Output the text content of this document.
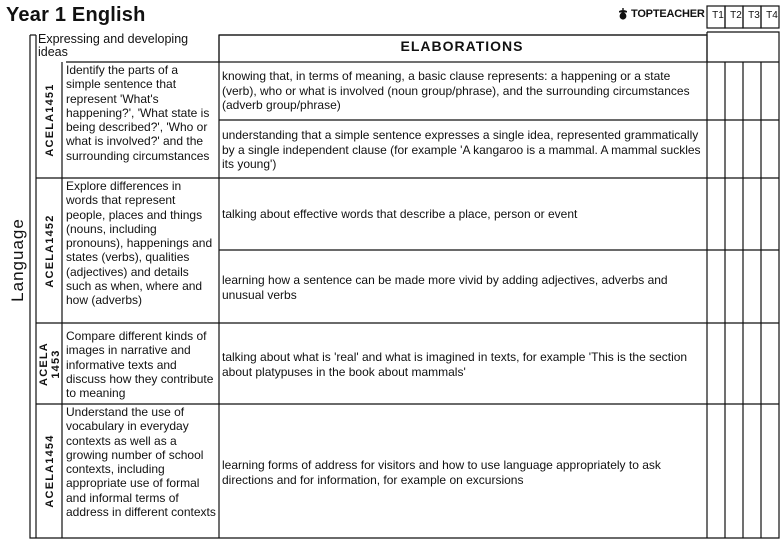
Year 1 English	TOPTEACHER T1 T2 T3 T4
Language
Expressing and developing ideas	ELABORATIONS
ACELA1451
Identify the parts of a simple sentence that represent 'What's happening?', 'What state is being described?', 'Who or what is involved?' and the surrounding circumstances
knowing that, in terms of meaning, a basic clause represents: a happening or a state (verb), who or what is involved (noun group/phrase), and the surrounding circumstances (adverb group/phrase)
understanding that a simple sentence expresses a single idea, represented grammatically by a single independent clause (for example 'A kangaroo is a mammal. A mammal suckles its young')
ACELA1452
Explore differences in words that represent people, places and things (nouns, including pronouns), happenings and states (verbs), qualities (adjectives) and details such as when, where and how (adverbs)
talking about effective words that describe a place, person or event
learning how a sentence can be made more vivid by adding adjectives, adverbs and unusual verbs
ACELA 1453
Compare different kinds of images in narrative and informative texts and discuss how they contribute to meaning
talking about what is 'real' and what is imagined in texts, for example 'This is the section about platypuses in the book about mammals'
ACELA1454
Understand the use of vocabulary in everyday contexts as well as a growing number of school contexts, including appropriate use of formal and informal terms of address in different contexts
learning forms of address for visitors and how to use language appropriately to ask directions and for information, for example on excursions
